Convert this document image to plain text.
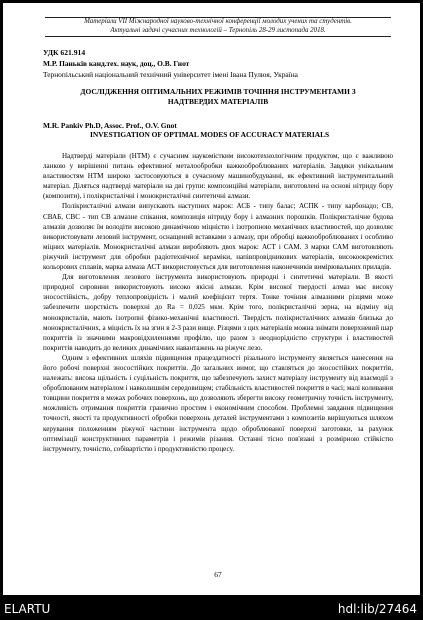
Матеріали VІІ Міжнародної науково-технічної конференції молодих учених та студентів.
Актуальні задачі сучасних технологій – Тернопіль 28-29 листопада 2018.
УДК 621.914
М.Р. Паньків канд.тех. наук, доц., О.В. Гнот
Тернопільський національний технічний університет імені Івана Пулюя, Україна
ДОСЛІДЖЕННЯ ОПТИМАЛЬНИХ РЕЖИМІВ ТОЧІННЯ ІНСТРУМЕНТАМИ З
НАДТВЕРДИХ МАТЕРІАЛІВ
M.R. Pankiv Ph.D, Assoc. Prof., O.V. Gnot
INVESTIGATION OF OPTIMAL MODES OF ACCURACY MATERIALS

Надтверді матеріали (НТМ) є сучасним наукомістким високотехнологічним продуктом, що є важливою ланкою у вирішенні питань ефективної металообробки важкооброблюваних матеріалів. Завдяки унікальним властивостям НТМ широко застосовуються в сучасному машинобудуванні, як ефективний інструментальний матеріал. Діляться надтверді матеріали на дві групи: композиційні матеріали, виготовлені на основі нітриду бору (композити), і полікристалічні і монокристалічні синтетичні алмази.

Полікристалічні алмази випускають наступних марок: АСБ - типу балас; АСПК - типу карбонадо; СВ, СВАБ, СВС - тип СВ алмазне спікання, композиція нітриду бору і алмазних порошків. Полікристалічне будова алмазів дозволяє їм володіти високою динамічною міцністю і ізотропною механічних властивостей, що дозволяє використовувати лезовий інструмент, оснащений вставками з алмазу, при обробці важкооброблюваних і особливо міцних матеріалів. Монокристалічні алмази виробляють двох марок: АСТ і САМ. З марки САМ виготовляють ріжучий інструмент для обробки радіотехнічної кераміки, напівпровідникових матеріалів, високоокремістих кольорових сплавів, марка алмаза АСТ використовується для виготовлення наконечників вимірювальних приладів.

Для виготовлення лезового інструмента використовують природні і синтетичні матеріали. В якості природної сировини використовують високо якісні алмази. Крім високої твердості алмаз має високу зносостійкість, добру теплопровідність і малий коефіцієнт тертя. Тонке точіння алмазними різцями може забезпечити шорсткість поверхні до Ra = 0,025 мкм. Крім того, полікристалічні зерна, на відміну від монокристалів, мають ізотропні фізико-механічні властивості. Твердість полікристалічних алмазів близька до монокристалічних, а міцність їх на згин в 2-3 рази вище. Різцями з цих матеріалів можна знімати поверхневий шар покриттів із значними макровідхиленнями профілю, що разом з неоднорідністю структури і властивостей покриттів наводить до великих динамічних навантажень на ріжучє лезо.

Одним з ефективних шляхів підвищення працездатності різального інструменту являється нанесення на його робочі поверхні зносостійких покриттів. До загальних вимог, що ставляться до зносостійких покриттів, належать: висока щільність і суцільність покриття, що забезпечують захист матеріалу інструменту від взаємодії з оброблюваним матеріалом і навколишнім середовищем; стабільність властивостей покриття в часі; малі коливання товщини покриття в межах робочих поверхонь, що дозволяють зберегти високу геометричну точність інструменту, можливість отримання покриттів гранично простим і економічним способом. Проблемні завдання підвищення точності, якості та продуктивності обробки поверхонь деталей інструментами з композитів вирішуються шляхом керування положенням ріжучої частини інструмента щодо оброблюваної поверхні заготовки, за рахунок оптимізації конструктивних параметрів і режимів різання. Останні тісно пов'язані з розмірною стійкістю інструменту, точністю, собівартістю і продуктивністю процесу.

67
ELARTU	hdl:lib/27464
